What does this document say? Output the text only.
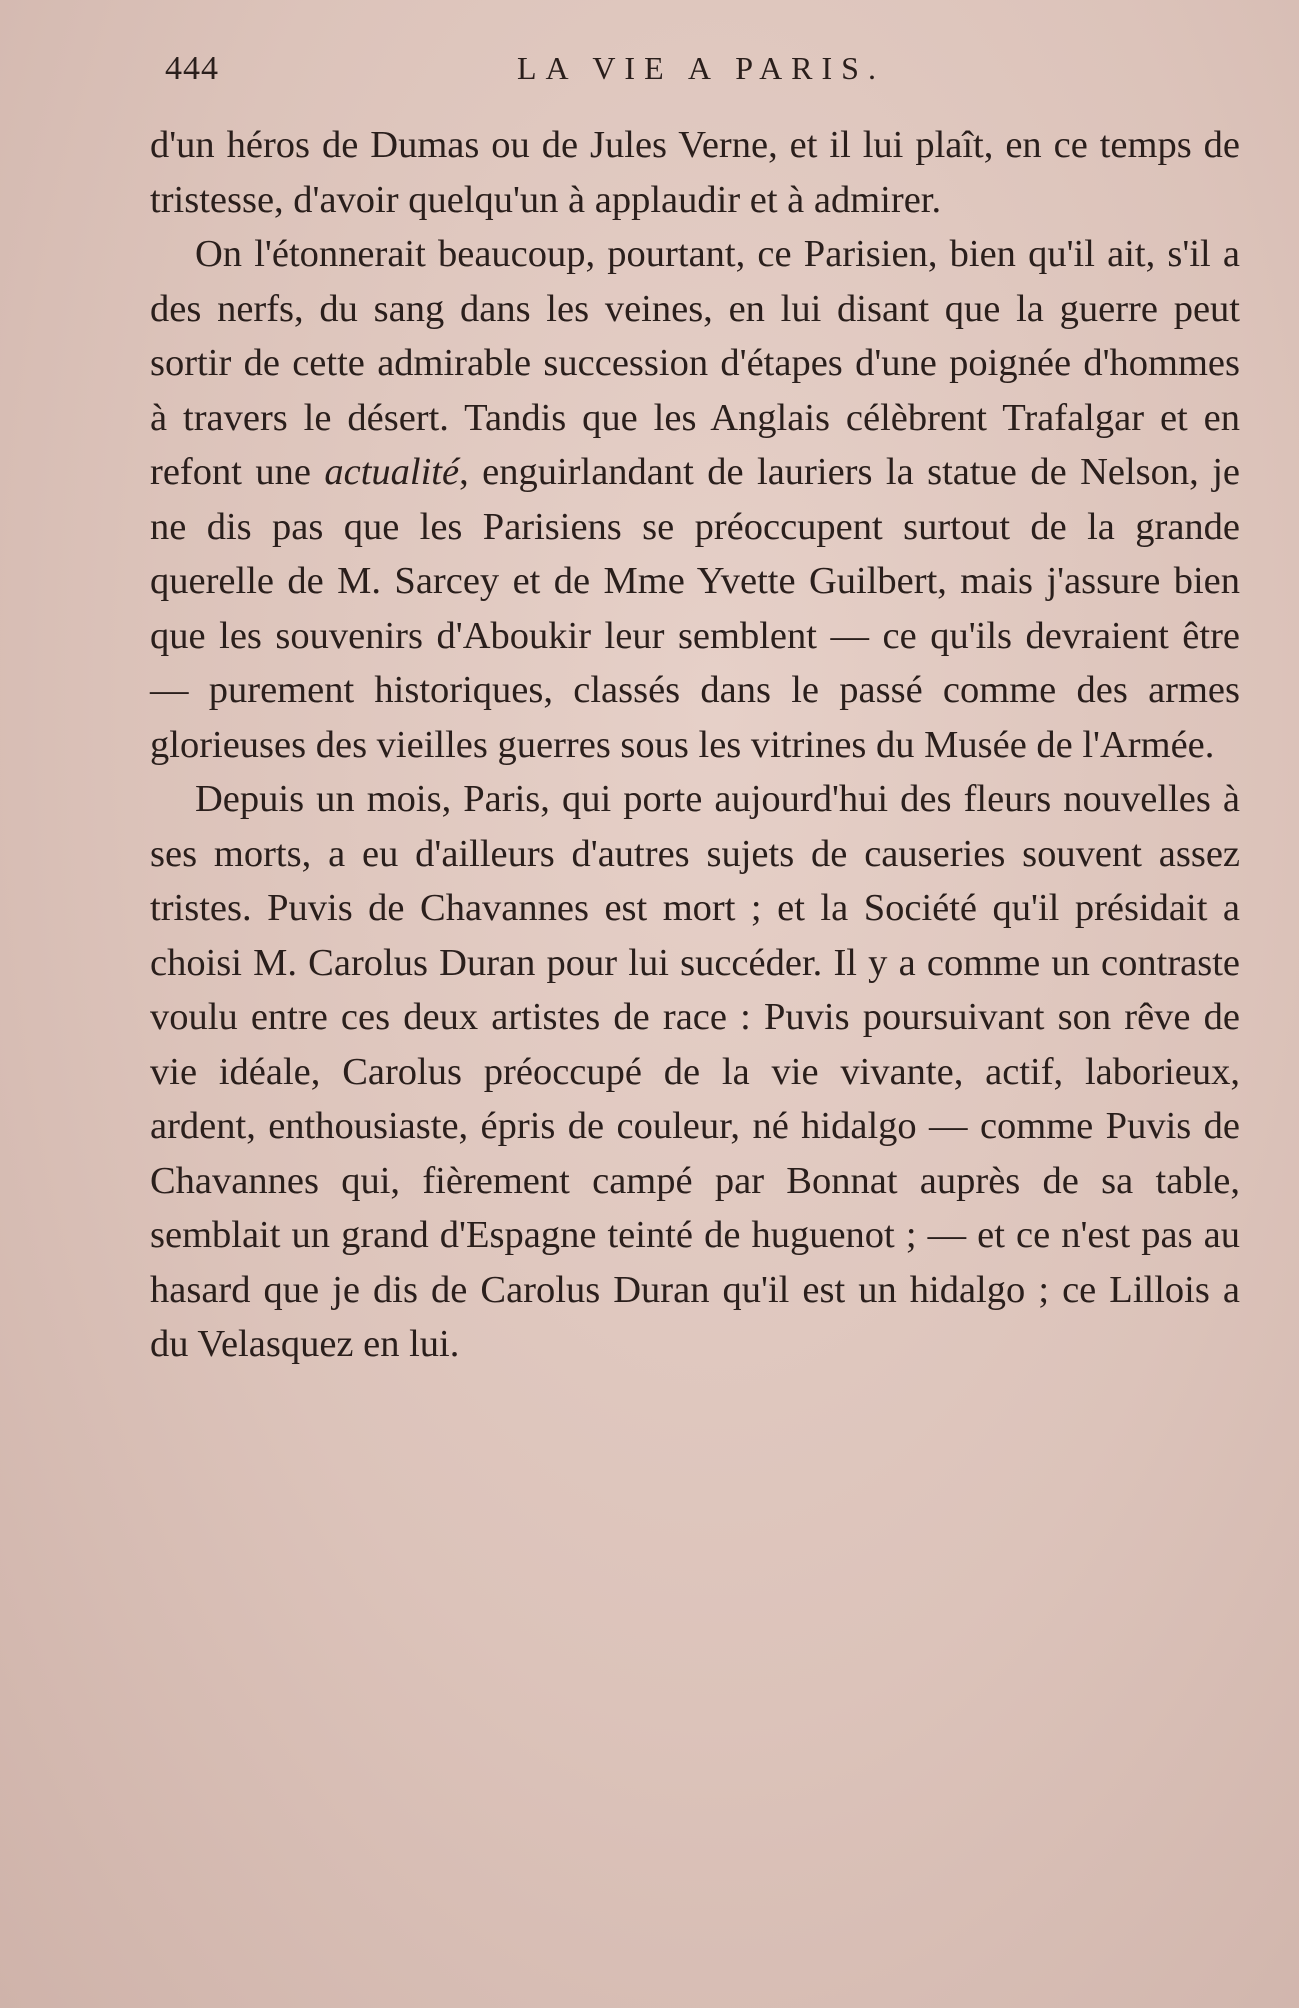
444	LA VIE A PARIS.

d'un héros de Dumas ou de Jules Verne, et il lui plaît, en ce temps de tristesse, d'avoir quelqu'un à applaudir et à admirer.

On l'étonnerait beaucoup, pourtant, ce Parisien, bien qu'il ait, s'il a des nerfs, du sang dans les veines, en lui disant que la guerre peut sortir de cette admirable succession d'étapes d'une poignée d'hommes à travers le désert. Tandis que les Anglais célèbrent Trafalgar et en refont une actualité, enguirlandant de lauriers la statue de Nelson, je ne dis pas que les Parisiens se préoccupent surtout de la grande querelle de M. Sarcey et de Mme Yvette Guilbert, mais j'assure bien que les souvenirs d'Aboukir leur semblent — ce qu'ils devraient être — purement historiques, classés dans le passé comme des armes glorieuses des vieilles guerres sous les vitrines du Musée de l'Armée.

Depuis un mois, Paris, qui porte aujourd'hui des fleurs nouvelles à ses morts, a eu d'ailleurs d'autres sujets de causeries souvent assez tristes. Puvis de Chavannes est mort ; et la Société qu'il présidait a choisi M. Carolus Duran pour lui succéder. Il y a comme un contraste voulu entre ces deux artistes de race : Puvis poursuivant son rêve de vie idéale, Carolus préoccupé de la vie vivante, actif, laborieux, ardent, enthousiaste, épris de couleur, né hidalgo — comme Puvis de Chavannes qui, fièrement campé par Bonnat auprès de sa table, semblait un grand d'Espagne teinté de huguenot ; — et ce n'est pas au hasard que je dis de Carolus Duran qu'il est un hidalgo ; ce Lillois a du Velasquez en lui.
